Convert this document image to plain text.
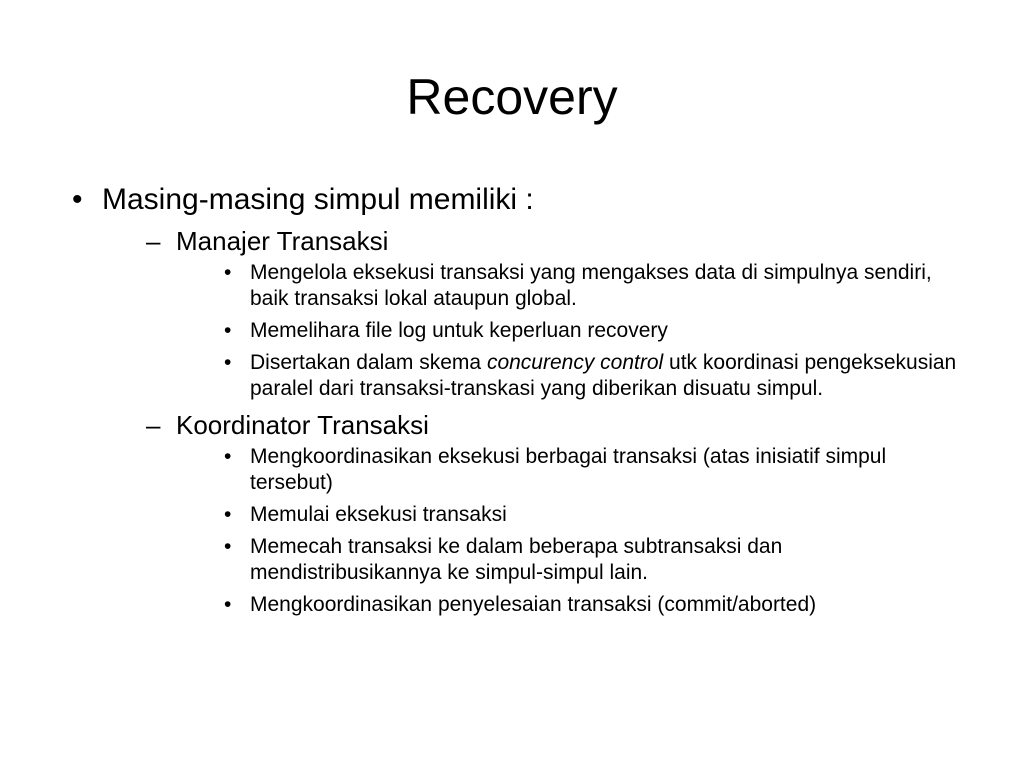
Recovery
• Masing-masing simpul memiliki :
– Manajer Transaksi
• Mengelola eksekusi transaksi yang mengakses data di simpulnya sendiri, baik transaksi lokal ataupun global.
• Memelihara file log untuk keperluan recovery
• Disertakan dalam skema concurency control utk koordinasi pengeksekusian paralel dari transaksi-transkasi yang diberikan disuatu simpul.
– Koordinator Transaksi
• Mengkoordinasikan eksekusi berbagai transaksi (atas inisiatif simpul tersebut)
• Memulai eksekusi transaksi
• Memecah transaksi ke dalam beberapa subtransaksi dan mendistribusikannya ke simpul-simpul lain.
• Mengkoordinasikan penyelesaian transaksi (commit/aborted)
